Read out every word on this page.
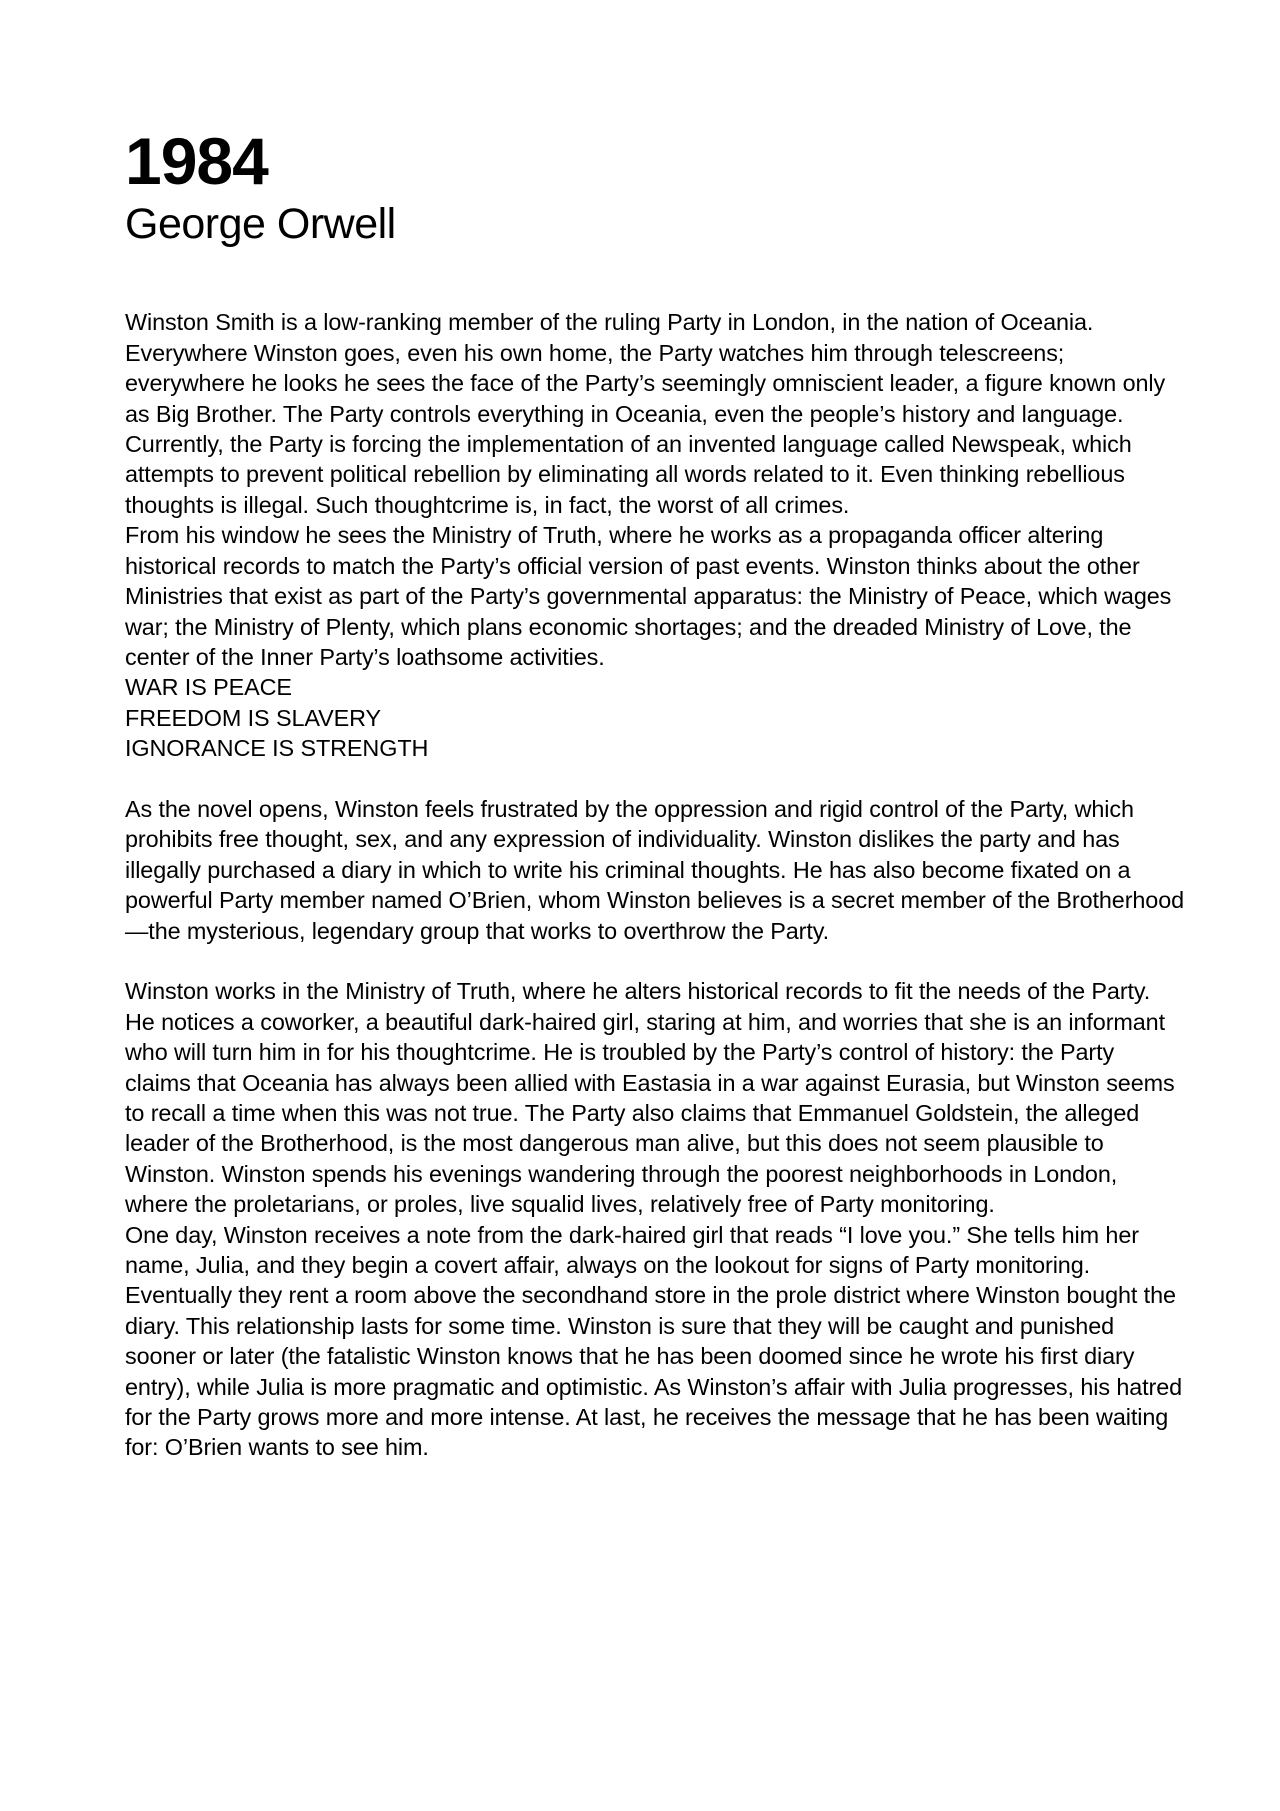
1984
George Orwell

Winston Smith is a low-ranking member of the ruling Party in London, in the nation of Oceania. Everywhere Winston goes, even his own home, the Party watches him through telescreens; everywhere he looks he sees the face of the Party’s seemingly omniscient leader, a figure known only as Big Brother. The Party controls everything in Oceania, even the people’s history and language. Currently, the Party is forcing the implementation of an invented language called Newspeak, which attempts to prevent political rebellion by eliminating all words related to it. Even thinking rebellious thoughts is illegal. Such thoughtcrime is, in fact, the worst of all crimes.

From his window he sees the Ministry of Truth, where he works as a propaganda officer altering historical records to match the Party’s official version of past events. Winston thinks about the other Ministries that exist as part of the Party’s governmental apparatus: the Ministry of Peace, which wages war; the Ministry of Plenty, which plans economic shortages; and the dreaded Ministry of Love, the center of the Inner Party’s loathsome activities.

WAR IS PEACE

FREEDOM IS SLAVERY

IGNORANCE IS STRENGTH

As the novel opens, Winston feels frustrated by the oppression and rigid control of the Party, which prohibits free thought, sex, and any expression of individuality. Winston dislikes the party and has illegally purchased a diary in which to write his criminal thoughts. He has also become fixated on a powerful Party member named O’Brien, whom Winston believes is a secret member of the Brotherhood—the mysterious, legendary group that works to overthrow the Party.

Winston works in the Ministry of Truth, where he alters historical records to fit the needs of the Party. He notices a coworker, a beautiful dark-haired girl, staring at him, and worries that she is an informant who will turn him in for his thoughtcrime. He is troubled by the Party’s control of history: the Party claims that Oceania has always been allied with Eastasia in a war against Eurasia, but Winston seems to recall a time when this was not true. The Party also claims that Emmanuel Goldstein, the alleged leader of the Brotherhood, is the most dangerous man alive, but this does not seem plausible to Winston. Winston spends his evenings wandering through the poorest neighborhoods in London, where the proletarians, or proles, live squalid lives, relatively free of Party monitoring.

One day, Winston receives a note from the dark-haired girl that reads “I love you.” She tells him her name, Julia, and they begin a covert affair, always on the lookout for signs of Party monitoring. Eventually they rent a room above the secondhand store in the prole district where Winston bought the diary. This relationship lasts for some time. Winston is sure that they will be caught and punished sooner or later (the fatalistic Winston knows that he has been doomed since he wrote his first diary entry), while Julia is more pragmatic and optimistic. As Winston’s affair with Julia progresses, his hatred for the Party grows more and more intense. At last, he receives the message that he has been waiting for: O’Brien wants to see him.
